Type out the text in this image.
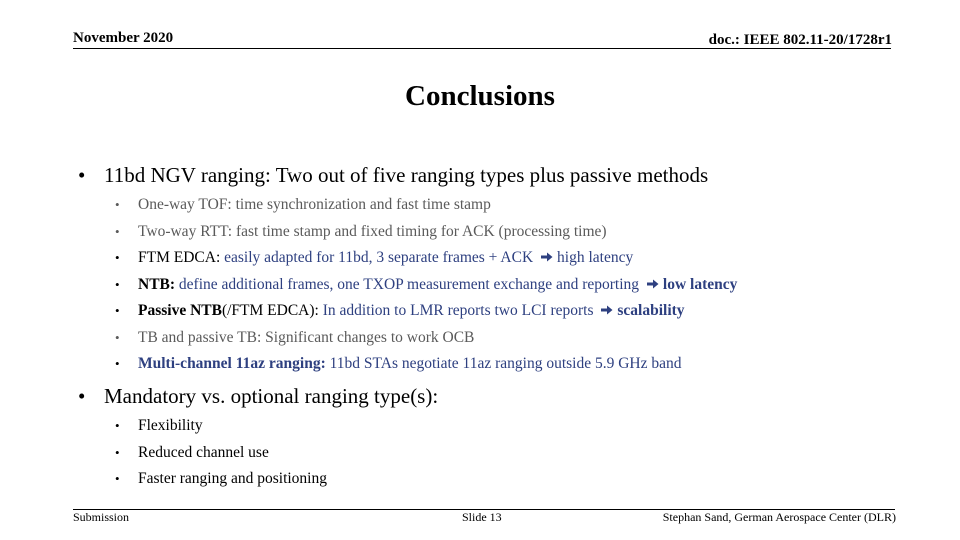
November 2020	doc.: IEEE 802.11-20/1728r1
Conclusions
• 11bd NGV ranging: Two out of five ranging types plus passive methods
• One-way TOF: time synchronization and fast time stamp
• Two-way RTT: fast time stamp and fixed timing for ACK (processing time)
• FTM EDCA: easily adapted for 11bd, 3 separate frames + ACK high latency
• NTB: define additional frames, one TXOP measurement exchange and reporting low latency
• Passive NTB(/FTM EDCA): In addition to LMR reports two LCI reports scalability
• TB and passive TB: Significant changes to work OCB
• Multi-channel 11az ranging: 11bd STAs negotiate 11az ranging outside 5.9 GHz band
• Mandatory vs. optional ranging type(s):
• Flexibility
• Reduced channel use
• Faster ranging and positioning
Submission	Slide 13	Stephan Sand, German Aerospace Center (DLR)
